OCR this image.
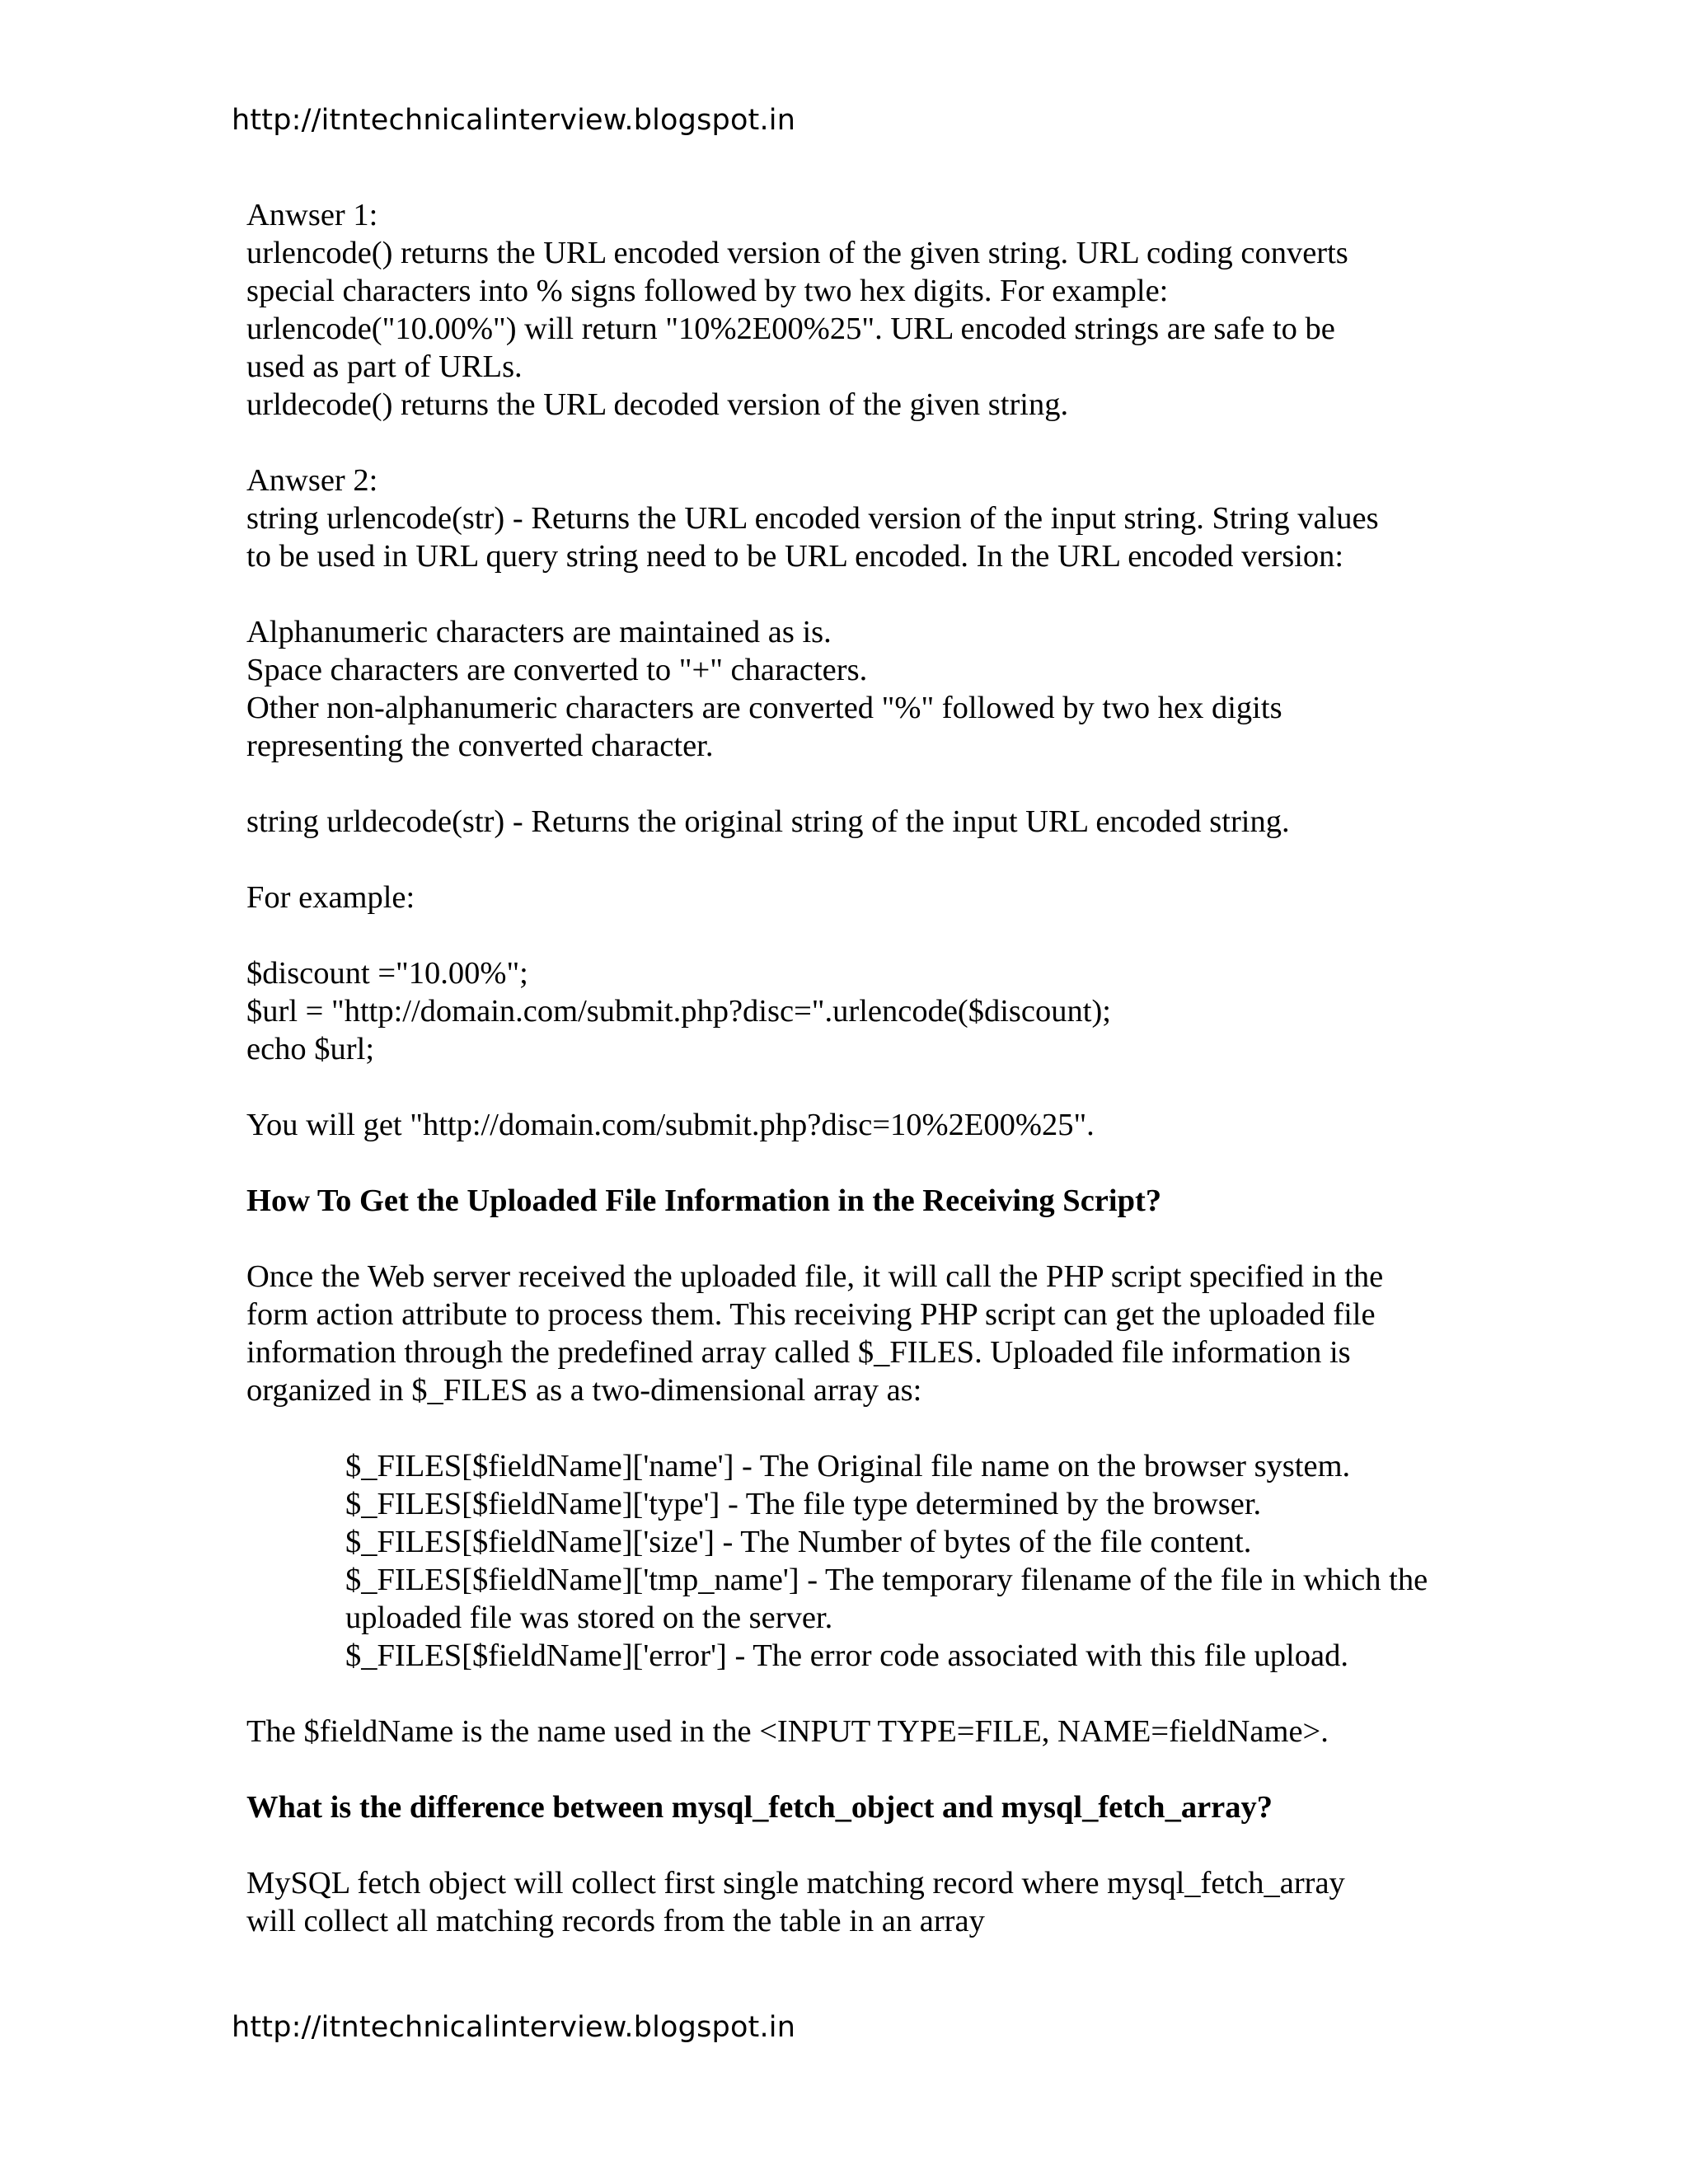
http://itntechnicalinterview.blogspot.in

Anwser 1:

urlencode() returns the URL encoded version of the given string. URL coding converts
special characters into % signs followed by two hex digits. For example:
urlencode("10.00%") will return "10%2E00%25". URL encoded strings are safe to be
used as part of URLs.
urldecode() returns the URL decoded version of the given string.

Anwser 2:

string urlencode(str) - Returns the URL encoded version of the input string. String values
to be used in URL query string need to be URL encoded. In the URL encoded version:

Alphanumeric characters are maintained as is.
Space characters are converted to "+" characters.
Other non-alphanumeric characters are converted "%" followed by two hex digits
representing the converted character.

string urldecode(str) - Returns the original string of the input URL encoded string.

For example:

$discount ="10.00%";
$url = "http://domain.com/submit.php?disc=".urlencode($discount);
echo $url;

You will get "http://domain.com/submit.php?disc=10%2E00%25".

How To Get the Uploaded File Information in the Receiving Script?

Once the Web server received the uploaded file, it will call the PHP script specified in the
form action attribute to process them. This receiving PHP script can get the uploaded file
information through the predefined array called $_FILES. Uploaded file information is
organized in $_FILES as a two-dimensional array as:

$_FILES[$fieldName]['name'] - The Original file name on the browser system.

$_FILES[$fieldName]['type'] - The file type determined by the browser.

$_FILES[$fieldName]['size'] - The Number of bytes of the file content.

$_FILES[$fieldName]['tmp_name'] - The temporary filename of the file in which the uploaded file was stored on the server.

$_FILES[$fieldName]['error'] - The error code associated with this file upload.

The $fieldName is the name used in the <INPUT TYPE=FILE, NAME=fieldName>.

What is the difference between mysql_fetch_object and mysql_fetch_array?

MySQL fetch object will collect first single matching record where mysql_fetch_array
will collect all matching records from the table in an array

http://itntechnicalinterview.blogspot.in
